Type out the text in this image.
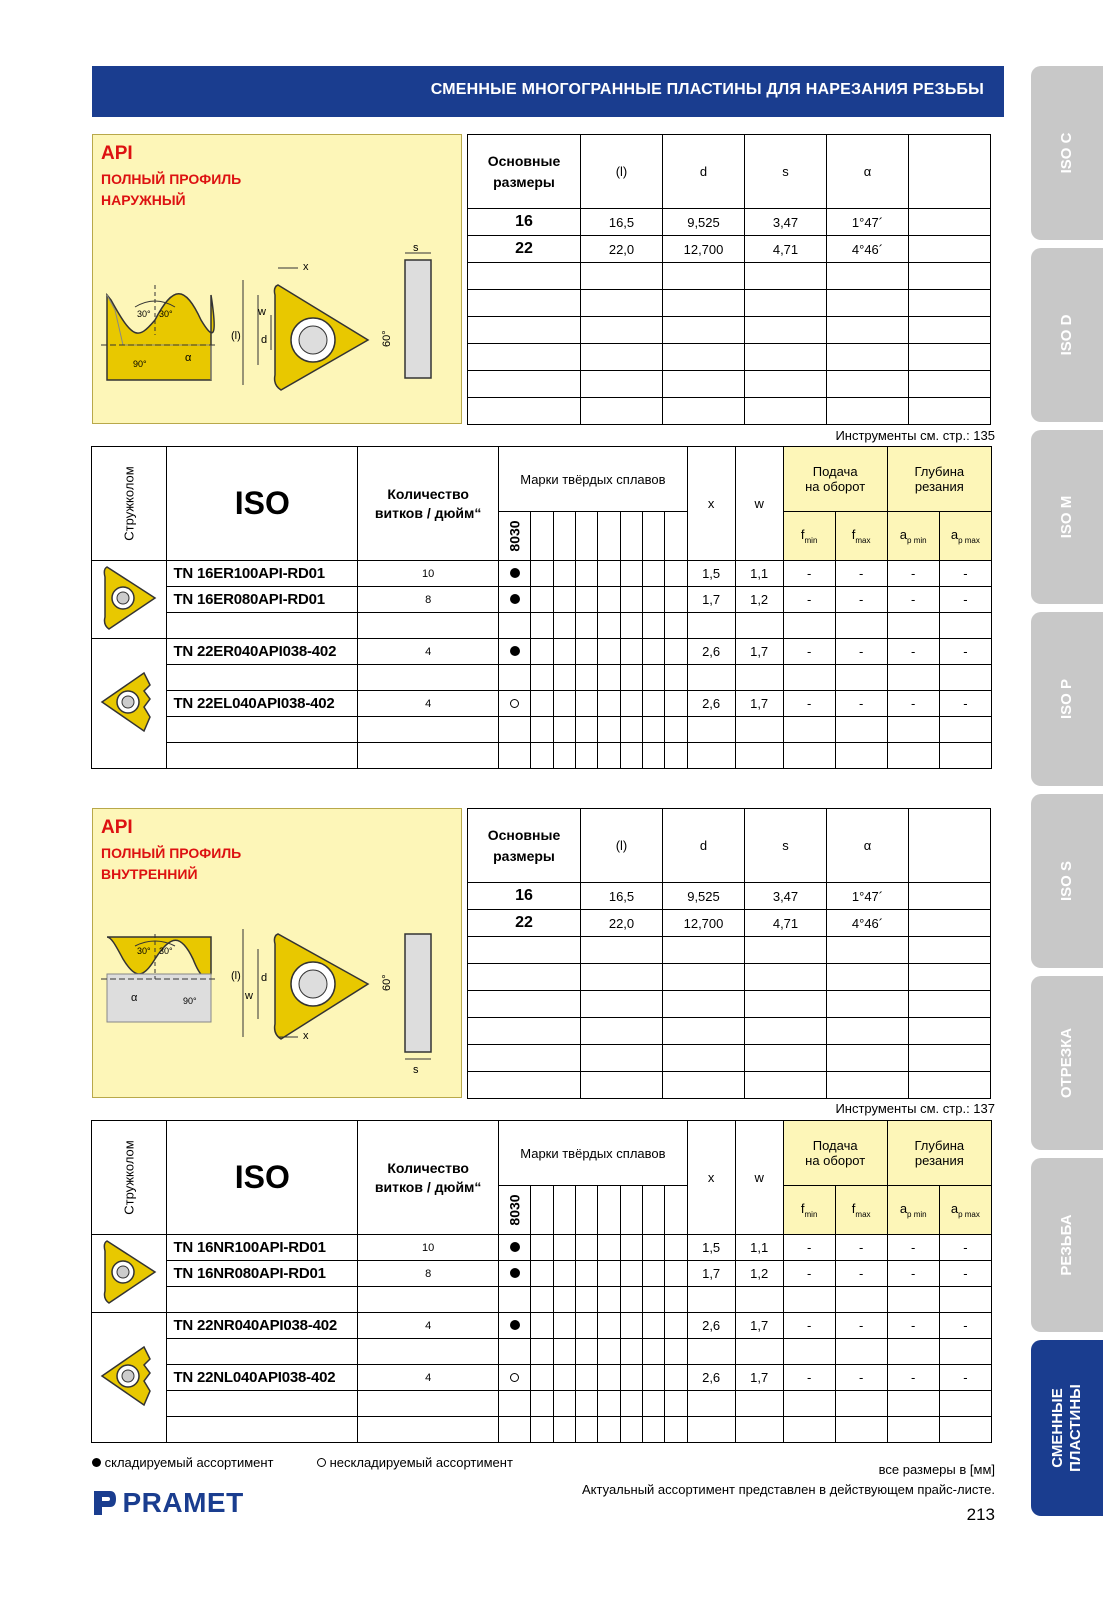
СМЕННЫЕ МНОГОГРАННЫЕ ПЛАСТИНЫ ДЛЯ НАРЕЗАНИЯ РЕЗЬБЫ
ISO C
ISO D
ISO M
ISO P
ISO S
ОТРЕЗКА
РЕЗЬБА
СМЕННЫЕ ПЛАСТИНЫ
API
ПОЛНЫЙ ПРОФИЛЬ
НАРУЖНЫЙ
30° 30°
90°	α
(l) d
w
x
60°
s
Основные
размеры	(l)	d	s	α	
16	16,5	9,525	3,47	1°47´	
22	22,0	12,700	4,71	4°46´	

Инструменты см. стр.: 135
Стружколом	ISO	Количество
витков / дюйм“	Марки твёрдых сплавов								x	w	Подача
на оборот		Глубина
резания	

			8030										$f_{min}$	$f_{max}$	$a_{p min}$	$a_{p max}$
	TN 16ER100API-RD01	10									1,5	1,1	-	-	-	-
	TN 16ER080API-RD01	8									1,7	1,2	-	-	-	-

	TN 22ER040API038-402	4									2,6	1,7	-	-	-	-

	TN 22EL040API038-402	4									2,6	1,7	-	-	-	-

API
ПОЛНЫЙ ПРОФИЛЬ
ВНУТРЕННИЙ
30° 30°
90°
α
(l) d
w
x
60°
s
Основные
размеры	(l)	d	s	α	
16	16,5	9,525	3,47	1°47´	
22	22,0	12,700	4,71	4°46´	

Инструменты см. стр.: 137
Стружколом	ISO	Количество
витков / дюйм“	Марки твёрдых сплавов								x	w	Подача
на оборот		Глубина
резания	

			8030										$f_{min}$	$f_{max}$	$a_{p min}$	$a_{p max}$
	TN 16NR100API-RD01	10									1,5	1,1	-	-	-	-
	TN 16NR080API-RD01	8									1,7	1,2	-	-	-	-

	TN 22NR040API038-402	4									2,6	1,7	-	-	-	-

	TN 22NL040API038-402	4									2,6	1,7	-	-	-	-

складируемый ассортимент	нескладируемый ассортимент	все размеры в [мм]
Актуальный ассортимент представлен в действующем прайс-листе.
213
PRAMET
